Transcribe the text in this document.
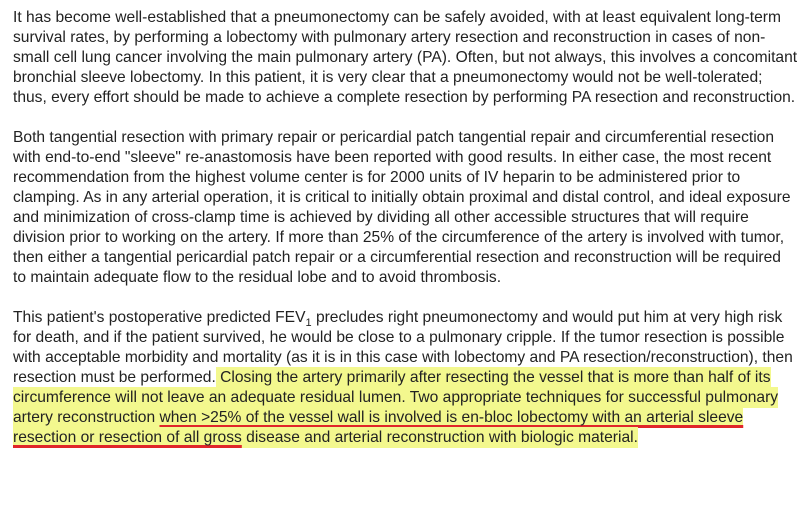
It has become well-established that a pneumonectomy can be safely avoided, with at least equivalent long-term survival rates, by performing a lobectomy with pulmonary artery resection and reconstruction in cases of non-small cell lung cancer involving the main pulmonary artery (PA). Often, but not always, this involves a concomitant bronchial sleeve lobectomy. In this patient, it is very clear that a pneumonectomy would not be well-tolerated; thus, every effort should be made to achieve a complete resection by performing PA resection and reconstruction.

Both tangential resection with primary repair or pericardial patch tangential repair and circumferential resection with end-to-end "sleeve" re-anastomosis have been reported with good results. In either case, the most recent recommendation from the highest volume center is for 2000 units of IV heparin to be administered prior to clamping. As in any arterial operation, it is critical to initially obtain proximal and distal control, and ideal exposure and minimization of cross-clamp time is achieved by dividing all other accessible structures that will require division prior to working on the artery. If more than 25% of the circumference of the artery is involved with tumor, then either a tangential pericardial patch repair or a circumferential resection and reconstruction will be required to maintain adequate flow to the residual lobe and to avoid thrombosis.

This patient's postoperative predicted $FEV_1$ precludes right pneumonectomy and would put him at very high risk for death, and if the patient survived, he would be close to a pulmonary cripple. If the tumor resection is possible with acceptable morbidity and mortality (as it is in this case with lobectomy and PA resection/reconstruction), then resection must be performed. Closing the artery primarily after resecting the vessel that is more than half of its circumference will not leave an adequate residual lumen. Two appropriate techniques for successful pulmonary artery reconstruction when >25% of the vessel wall is involved is en-bloc lobectomy with an arterial sleeve resection or resection of all gross disease and arterial reconstruction with biologic material.
